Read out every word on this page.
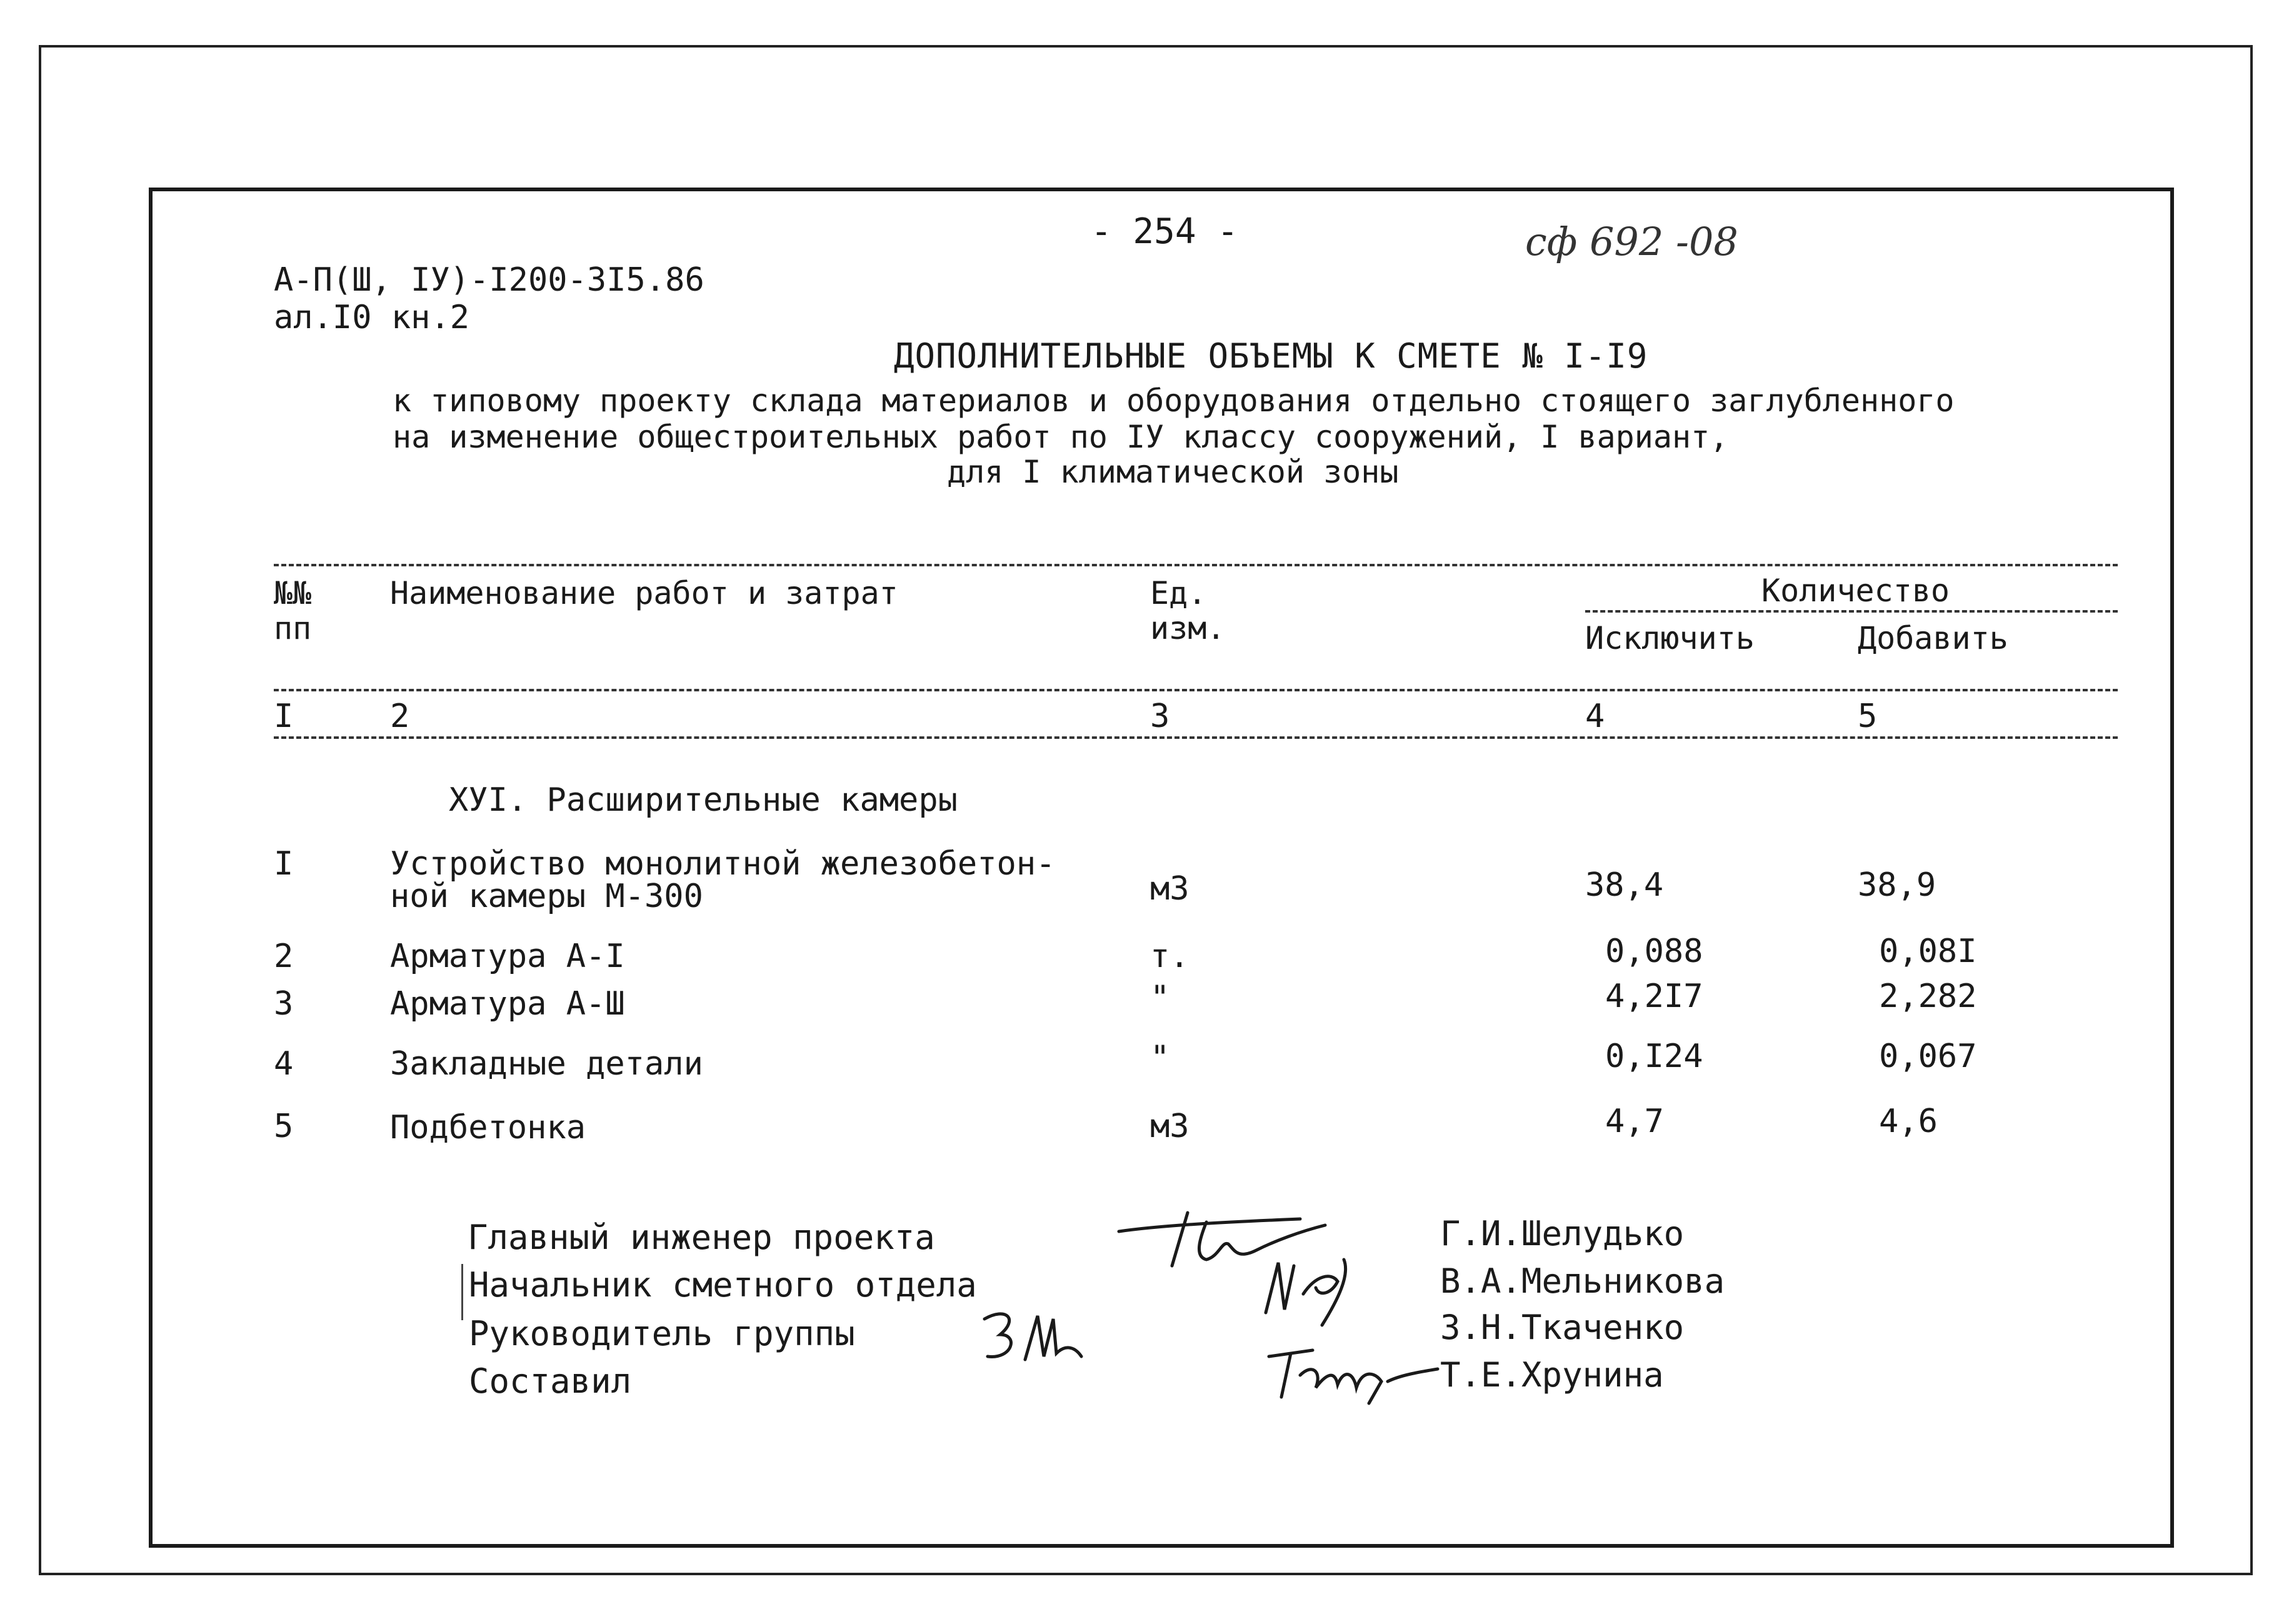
- 254 -	сф 692 -08
А-П(Ш, IУ)-I200-3I5.86
ал.I0 кн.2
ДОПОЛНИТЕЛЬНЫЕ ОБЪЕМЫ К СМЕТЕ № I-I9
к типовому проекту склада материалов и оборудования отдельно стоящего заглубленного
на изменение общестроительных работ по IУ классу сооружений, I вариант,
для I климатической зоны
№№
пп
Наименование работ и затрат	Ед.
изм.
Количество
Исключить	Добавить
I	2	3	4	5
ХУI. Расширительные камеры
I	Устройство монолитной железобетон-
ной камеры М-300	м3	38,4	38,9
2	Арматура А-I	т.	0,088	0,08I
3	Арматура А-Ш	"	4,2I7	2,282
4	Закладные детали	"	0,I24	0,067
5	Подбетонка	м3	4,7	4,6
Главный инженер проекта
Начальник сметного отдела
Руководитель группы
Составил
Г.И.Шелудько
В.А.Мельникова
З.Н.Ткаченко
Т.Е.Хрунина
